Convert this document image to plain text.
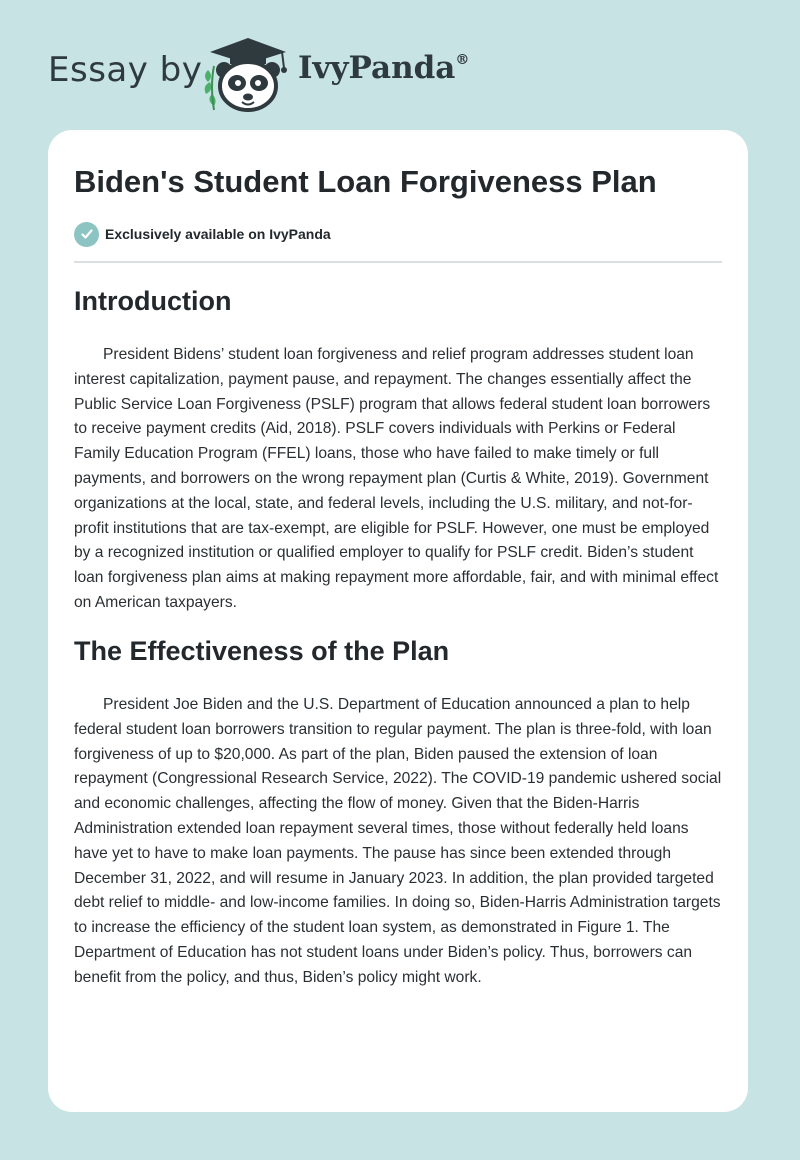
Essay by	IvyPanda®
Biden's Student Loan Forgiveness Plan
Exclusively available on IvyPanda
Introduction

President Bidens’ student loan forgiveness and relief program addresses student loan interest capitalization, payment pause, and repayment. The changes essentially affect the Public Service Loan Forgiveness (PSLF) program that allows federal student loan borrowers to receive payment credits (Aid, 2018). PSLF covers individuals with Perkins or Federal Family Education Program (FFEL) loans, those who have failed to make timely or full payments, and borrowers on the wrong repayment plan (Curtis & White, 2019). Government organizations at the local, state, and federal levels, including the U.S. military, and not-for-profit institutions that are tax-exempt, are eligible for PSLF. However, one must be employed by a recognized institution or qualified employer to qualify for PSLF credit. Biden’s student loan forgiveness plan aims at making repayment more affordable, fair, and with minimal effect on American taxpayers.

The Effectiveness of the Plan

President Joe Biden and the U.S. Department of Education announced a plan to help federal student loan borrowers transition to regular payment. The plan is three-fold, with loan forgiveness of up to $20,000. As part of the plan, Biden paused the extension of loan repayment (Congressional Research Service, 2022). The COVID-19 pandemic ushered social and economic challenges, affecting the flow of money. Given that the Biden-Harris Administration extended loan repayment several times, those without federally held loans have yet to have to make loan payments. The pause has since been extended through December 31, 2022, and will resume in January 2023. In addition, the plan provided targeted debt relief to middle- and low-income families. In doing so, Biden-Harris Administration targets to increase the efficiency of the student loan system, as demonstrated in Figure 1. The Department of Education has not student loans under Biden’s policy. Thus, borrowers can benefit from the policy, and thus, Biden’s policy might work.
